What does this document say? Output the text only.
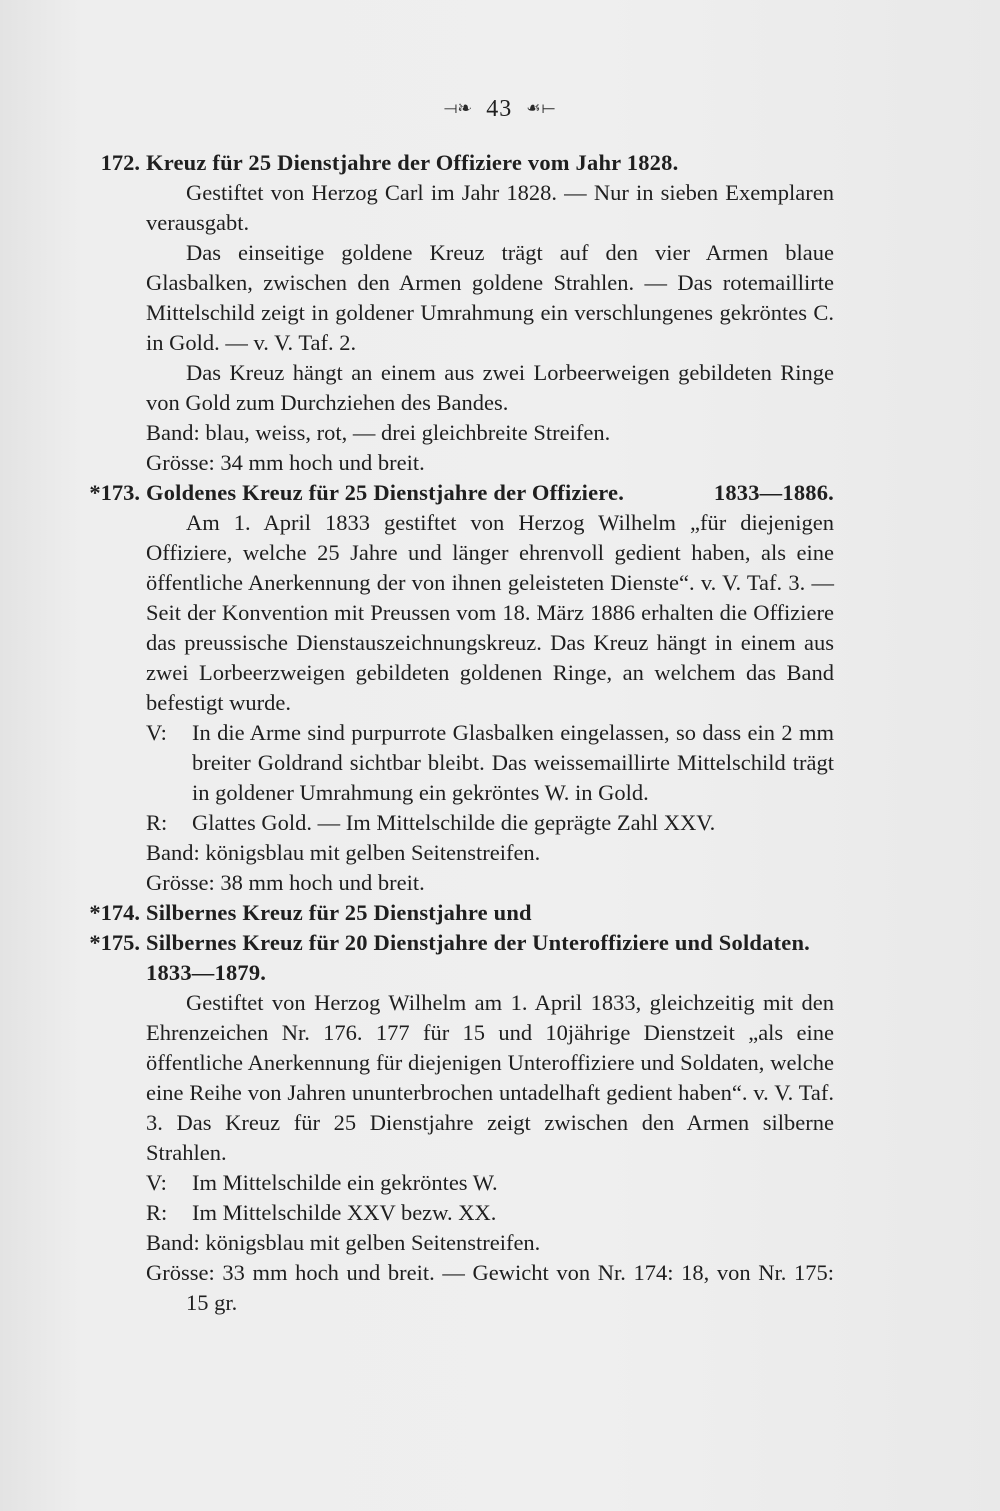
⟞❧ 43 ☙⟝
172. Kreuz für 25 Dienstjahre der Offiziere vom Jahr 1828.

Gestiftet von Herzog Carl im Jahr 1828. — Nur in sieben Exemplaren verausgabt.

Das einseitige goldene Kreuz trägt auf den vier Armen blaue Glasbalken, zwischen den Armen goldene Strahlen. — Das rotemaillirte Mittelschild zeigt in goldener Umrahmung ein verschlungenes gekröntes C. in Gold. — v. V. Taf. 2.

Das Kreuz hängt an einem aus zwei Lorbeerweigen gebildeten Ringe von Gold zum Durchziehen des Bandes.

Band: blau, weiss, rot, — drei gleichbreite Streifen.

Grösse: 34 mm hoch und breit.

*173. Goldenes Kreuz für 25 Dienstjahre der Offiziere.	1833—1886.

Am 1. April 1833 gestiftet von Herzog Wilhelm „für diejenigen Offiziere, welche 25 Jahre und länger ehrenvoll gedient haben, als eine öffentliche Anerkennung der von ihnen geleisteten Dienste“. v. V. Taf. 3. — Seit der Konvention mit Preussen vom 18. März 1886 erhalten die Offiziere das preussische Dienstauszeichnungskreuz. Das Kreuz hängt in einem aus zwei Lorbeerzweigen gebildeten goldenen Ringe, an welchem das Band befestigt wurde.

V:	In die Arme sind purpurrote Glasbalken eingelassen, so dass ein 2 mm breiter Goldrand sichtbar bleibt. Das weissemaillirte Mittelschild trägt in goldener Umrahmung ein gekröntes W. in Gold.
R:	Glattes Gold. — Im Mittelschilde die geprägte Zahl XXV.

Band: königsblau mit gelben Seitenstreifen.

Grösse: 38 mm hoch und breit.

*174. Silbernes Kreuz für 25 Dienstjahre und

*175. Silbernes Kreuz für 20 Dienstjahre der Unteroffiziere und Soldaten. 1833—1879.

Gestiftet von Herzog Wilhelm am 1. April 1833, gleichzeitig mit den Ehrenzeichen Nr. 176. 177 für 15 und 10jährige Dienstzeit „als eine öffentliche Anerkennung für diejenigen Unteroffiziere und Soldaten, welche eine Reihe von Jahren ununterbrochen untadelhaft gedient haben“. v. V. Taf. 3. Das Kreuz für 25 Dienstjahre zeigt zwischen den Armen silberne Strahlen.

V:	Im Mittelschilde ein gekröntes W.
R:	Im Mittelschilde XXV bezw. XX.

Band: königsblau mit gelben Seitenstreifen.

Grösse: 33 mm hoch und breit. — Gewicht von Nr. 174: 18, von Nr. 175: 15 gr.
